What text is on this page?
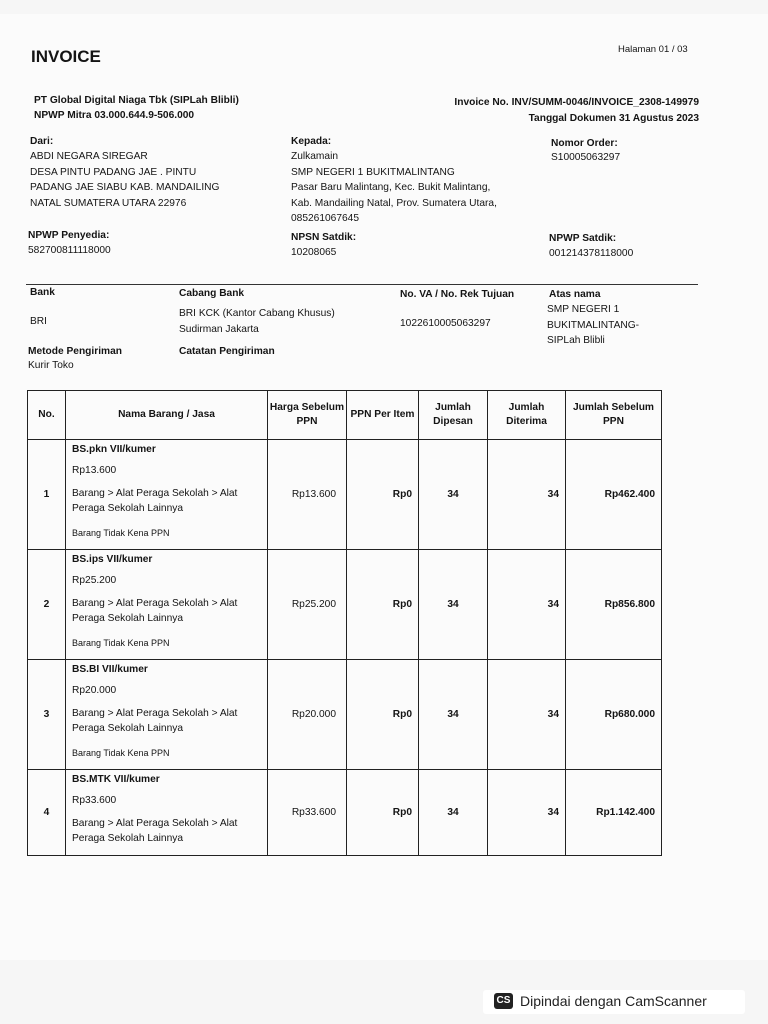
INVOICE	Halaman 01 / 03
PT Global Digital Niaga Tbk (SIPLah Blibli)
NPWP Mitra 03.000.644.9-506.000
Invoice No. INV/SUMM-0046/INVOICE_2308-149979
Tanggal Dokumen 31 Agustus 2023
Dari:
ABDI NEGARA SIREGAR
DESA PINTU PADANG JAE . PINTU
PADANG JAE SIABU KAB. MANDAILING
NATAL SUMATERA UTARA 22976
Kepada:
Zulkamain
SMP NEGERI 1 BUKITMALINTANG
Pasar Baru Malintang, Kec. Bukit Malintang,
Kab. Mandailing Natal, Prov. Sumatera Utara,
085261067645
Nomor Order:
S10005063297
NPWP Penyedia:
582700811118000
NPSN Satdik:
10208065
NPWP Satdik:
001214378118000
Bank
BRI
Cabang Bank
BRI KCK (Kantor Cabang Khusus)
Sudirman Jakarta
No. VA / No. Rek Tujuan
1022610005063297
Atas nama
SMP NEGERI 1
BUKITMALINTANG-
SIPLah Blibli
Metode Pengiriman
Kurir Toko
Catatan Pengiriman
No.	Nama Barang / Jasa	Harga Sebelum PPN	PPN Per Item	Jumlah Dipesan	Jumlah Diterima	Jumlah Sebelum PPN
1	BS.pkn VII/kumer
Rp13.600
Barang > Alat Peraga Sekolah > Alat Peraga Sekolah Lainnya
Barang Tidak Kena PPN	Rp13.600	Rp0	34	34	Rp462.400
2	BS.ips VII/kumer
Rp25.200
Barang > Alat Peraga Sekolah > Alat Peraga Sekolah Lainnya
Barang Tidak Kena PPN	Rp25.200	Rp0	34	34	Rp856.800
3	BS.BI VII/kumer
Rp20.000
Barang > Alat Peraga Sekolah > Alat Peraga Sekolah Lainnya
Barang Tidak Kena PPN	Rp20.000	Rp0	34	34	Rp680.000
4	BS.MTK VII/kumer
Rp33.600
Barang > Alat Peraga Sekolah > Alat Peraga Sekolah Lainnya	Rp33.600	Rp0	34	34	Rp1.142.400
CS Dipindai dengan CamScanner
